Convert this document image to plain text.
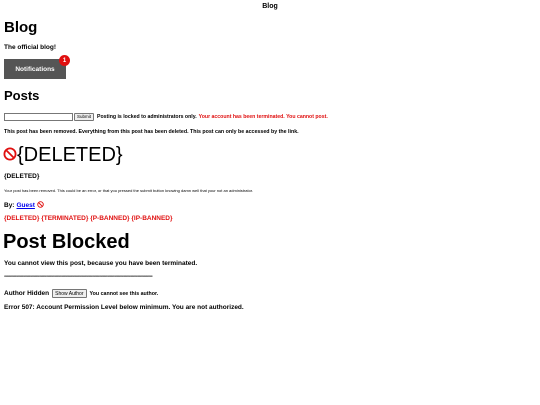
Blog
Blog
The official blog!
Notifications
1
Posts
Submit	Posting is locked to administrators only. Your account has been terminated. You cannot post.
This post has been removed. Everything from this post has been deleted. This post can only be accessed by the link.
{DELETED}
{DELETED}
Your post has been removed. This could be an error, or that you pressed the submit button knowing damn well that your not an administrator.
By: Guest
{DELETED} {TERMINATED} {P-BANNED} {IP-BANNED}
Post Blocked
You cannot view this post, because you have been terminated.
----------------------------------------------------------------------------------------------------------
Author Hidden	Show Author	You cannot see this author.
Error 507: Account Permission Level below minimum. You are not authorized.
